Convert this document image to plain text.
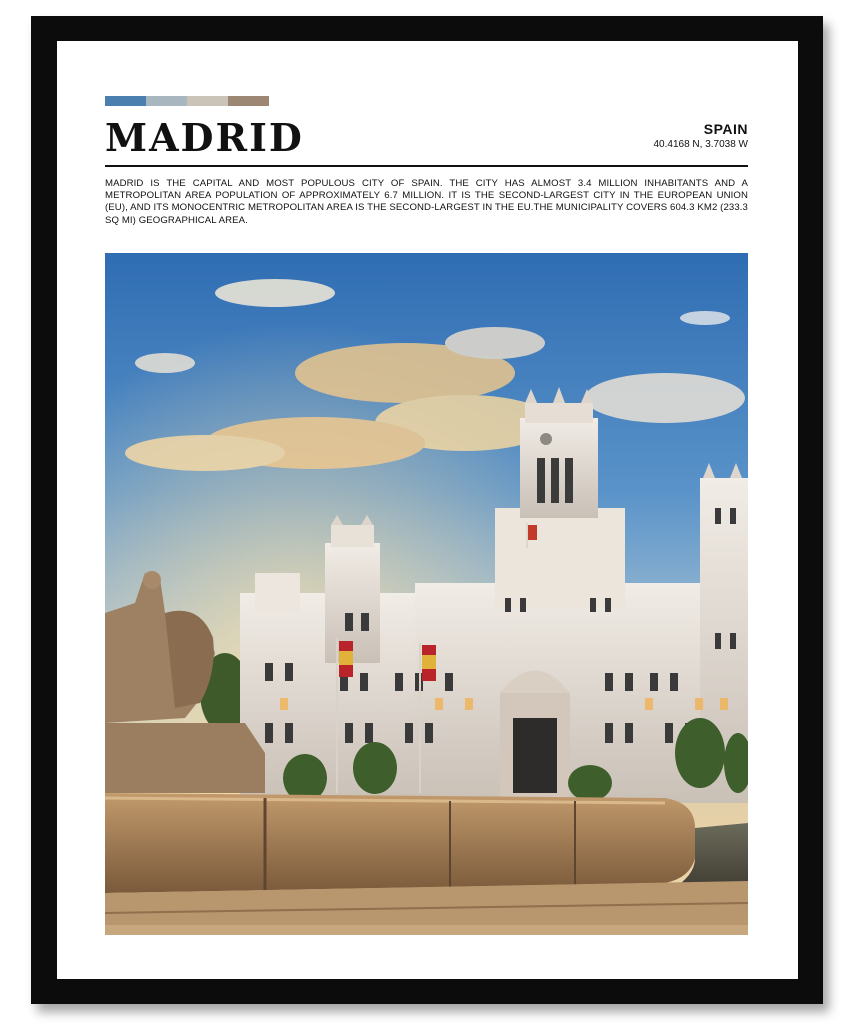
MADRID	SPAIN
40.4168 N, 3.7038 W
MADRID IS THE CAPITAL AND MOST POPULOUS CITY OF SPAIN. THE CITY HAS ALMOST 3.4 MILLION INHABITANTS AND A METROPOLITAN AREA POPULATION OF APPROXIMATELY 6.7 MILLION. IT IS THE SECOND-LARGEST CITY IN THE EUROPEAN UNION (EU), AND ITS MONOCENTRIC METROPOLITAN AREA IS THE SECOND-LARGEST IN THE EU.THE MUNICIPALITY COVERS 604.3 KM2 (233.3 SQ MI) GEOGRAPHICAL AREA.
